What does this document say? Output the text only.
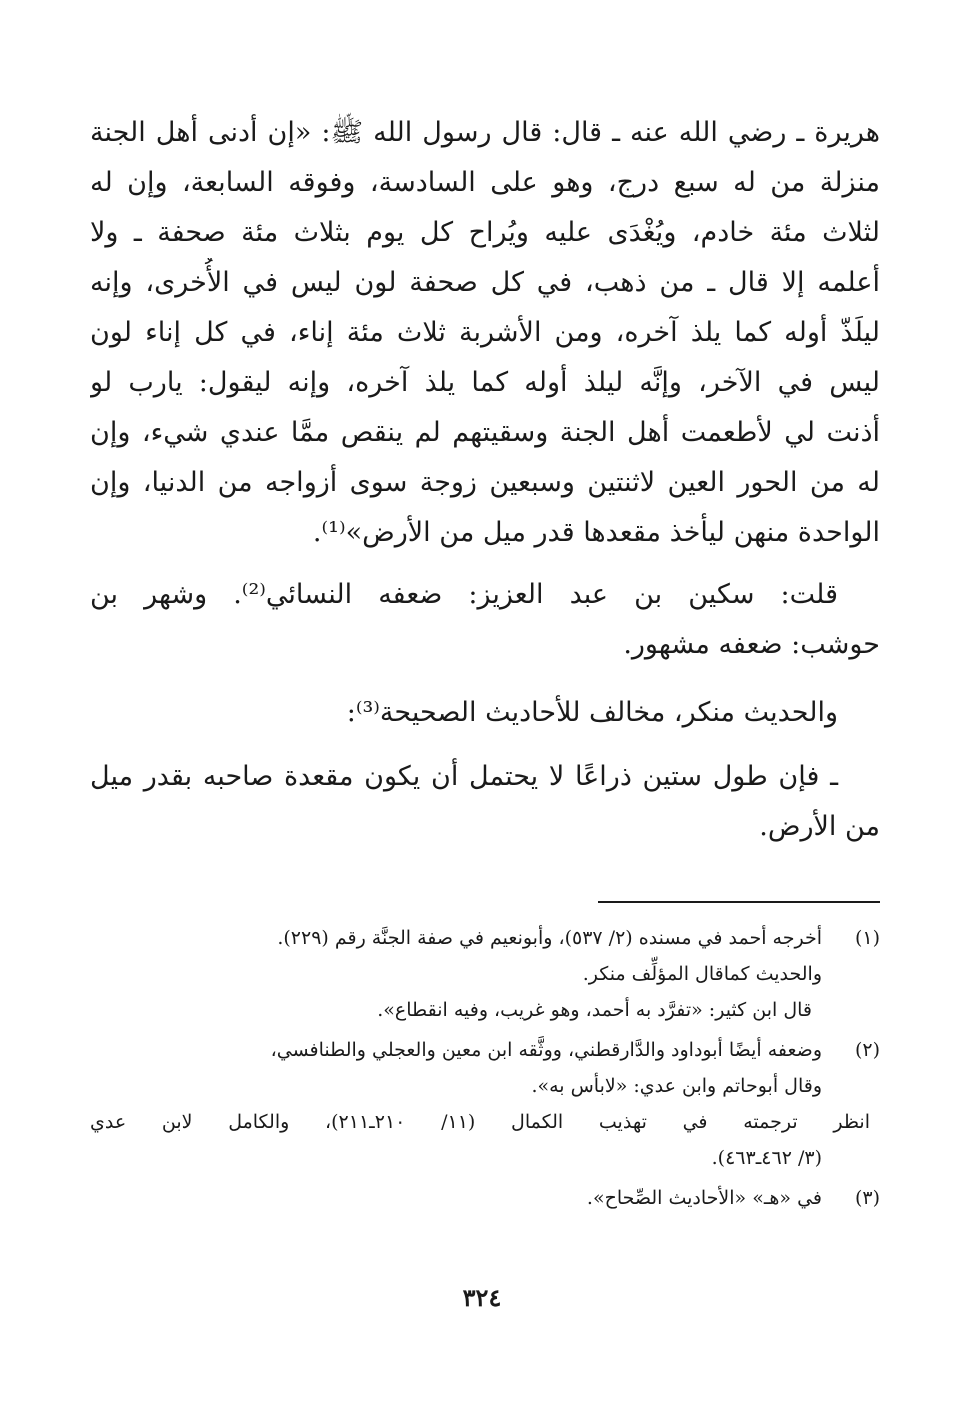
هريرة ـ رضي الله عنه ـ قال: قال رسول الله ﷺ: «إن أدنى أهل الجنة
منزلة من له سبع درج، وهو على السادسة، وفوقه السابعة، وإن له
لثلاث مئة خادم، ويُغْدَى عليه ويُراح كل يوم بثلاث مئة صحفة ـ ولا
أعلمه إلا قال ـ من ذهب، في كل صحفة لون ليس في الأُخرى، وإنه
ليلَذّ أوله كما يلذ آخره، ومن الأشربة ثلاث مئة إناء، في كل إناء لون
ليس في الآخر، وإنَّه ليلذ أوله كما يلذ آخره، وإنه ليقول: يارب لو
أذنت لي لأطعمت أهل الجنة وسقيتهم لم ينقص ممَّا عندي شيء، وإن
له من الحور العين لاثنتين وسبعين زوجة سوى أزواجه من الدنيا، وإن
الواحدة منهن ليأخذ مقعدها قدر ميل من الأرض»⁽¹⁾.
قلت: سكين بن عبد العزيز: ضعفه النسائي⁽²⁾. وشهر بن
حوشب: ضعفه مشهور.
والحديث منكر، مخالف للأحاديث الصحيحة⁽³⁾:
ـ فإن طول ستين ذراعًا لا يحتمل أن يكون مقعدة صاحبه بقدر ميل
من الأرض.
(١)
أخرجه أحمد في مسنده (٢/ ٥٣٧)، وأبونعيم في صفة الجنَّة رقم (٢٢٩).
والحديث كماقال المؤلِّف منكر.
قال ابن كثير: «تفرَّد به أحمد، وهو غريب، وفيه انقطاع».
(٢)
وضعفه أيضًا أبوداود والدَّارقطني، ووثَّقه ابن معين والعجلي والطنافسي،
وقال أبوحاتم وابن عدي: «لابأس به».
انظر ترجمته في تهذيب الكمال (١١/ ٢١٠ـ٢١١)، والكامل لابن عدي
(٣/ ٤٦٢ـ٤٦٣).
(٣)
في «هـ» «الأحاديث الصِّحاح».
٣٢٤
